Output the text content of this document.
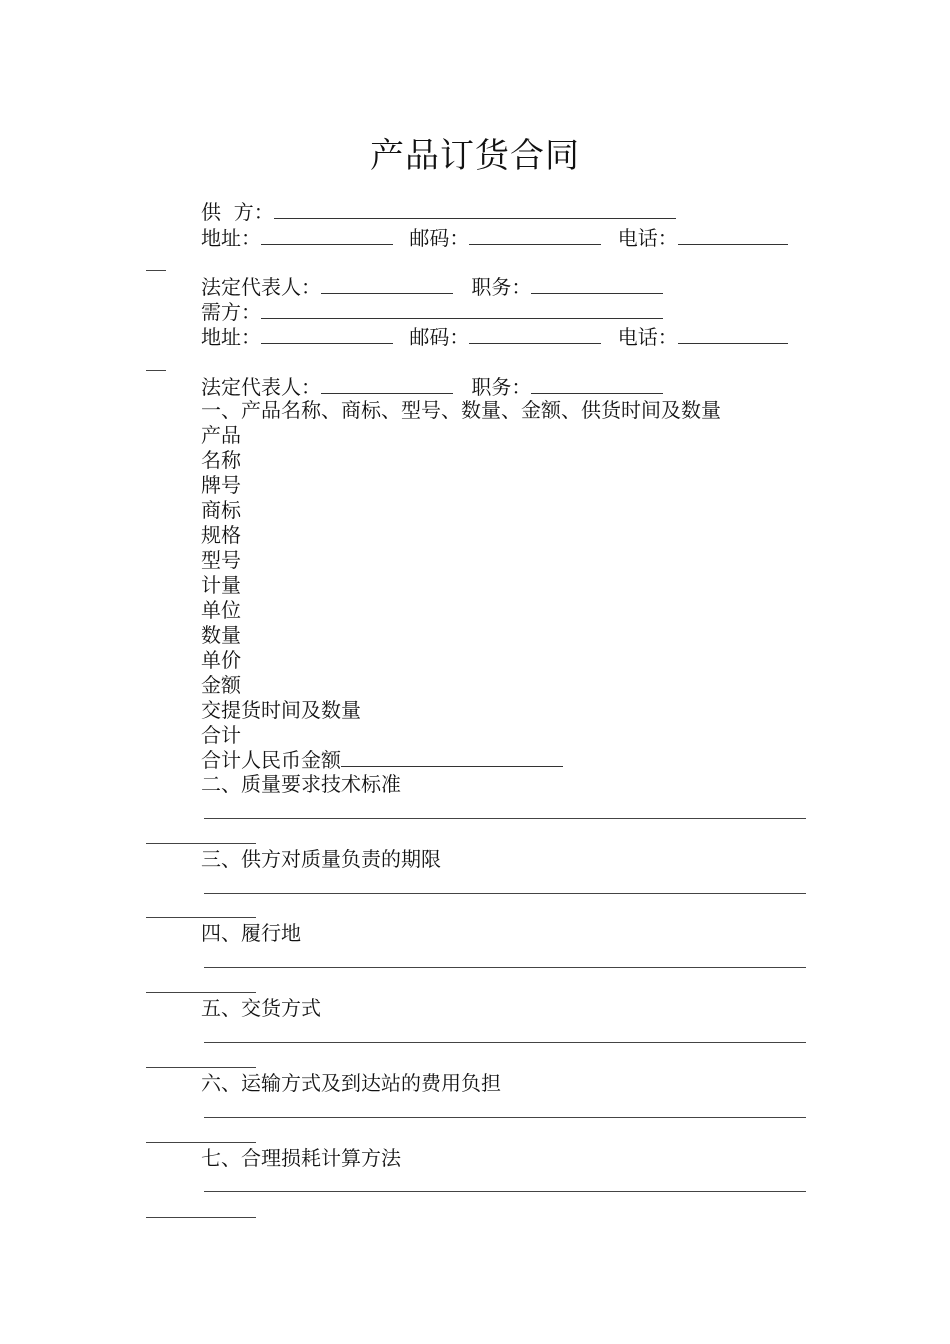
产品订货合同
供  方：
地址：	邮码：	电话：
法定代表人：	职务：
需方：
地址：	邮码：	电话：
法定代表人：	职务：
一、产品名称、商标、型号、数量、金额、供货时间及数量
产品
名称
牌号
商标
规格
型号
计量
单位
数量
单价
金额
交提货时间及数量
合计
合计人民币金额
二、质量要求技术标准
三、供方对质量负责的期限
四、履行地
五、交货方式
六、运输方式及到达站的费用负担
七、合理损耗计算方法
